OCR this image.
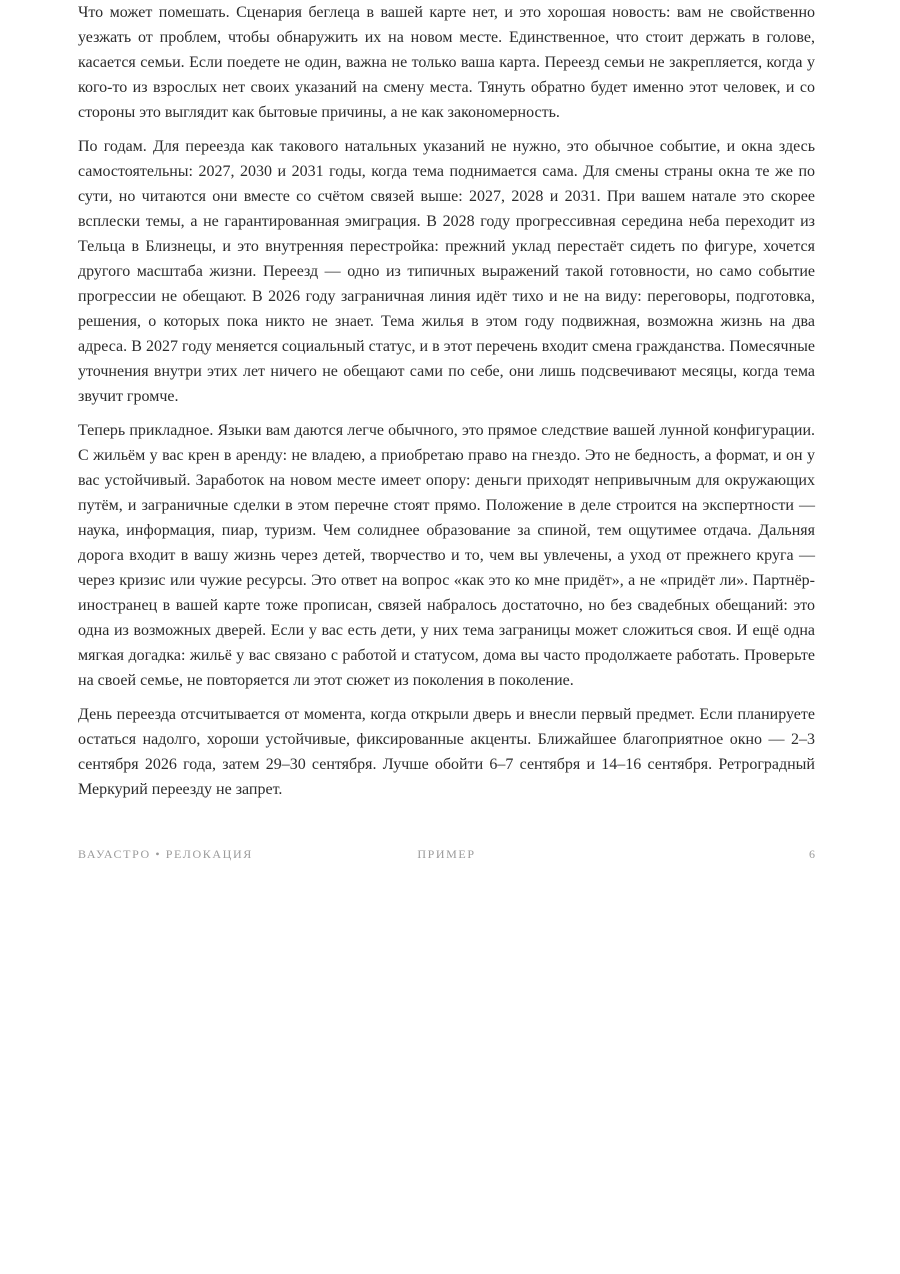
Что может помешать. Сценария беглеца в вашей карте нет, и это хорошая новость: вам не свойственно уезжать от проблем, чтобы обнаружить их на новом месте. Единственное, что стоит держать в голове, касается семьи. Если поедете не один, важна не только ваша карта. Переезд семьи не закрепляется, когда у кого-то из взрослых нет своих указаний на смену места. Тянуть обратно будет именно этот человек, и со стороны это выглядит как бытовые причины, а не как закономерность.

По годам. Для переезда как такового натальных указаний не нужно, это обычное событие, и окна здесь самостоятельны: 2027, 2030 и 2031 годы, когда тема поднимается сама. Для смены страны окна те же по сути, но читаются они вместе со счётом связей выше: 2027, 2028 и 2031. При вашем натале это скорее всплески темы, а не гарантированная эмиграция. В 2028 году прогрессивная середина неба переходит из Тельца в Близнецы, и это внутренняя перестройка: прежний уклад перестаёт сидеть по фигуре, хочется другого масштаба жизни. Переезд — одно из типичных выражений такой готовности, но само событие прогрессии не обещают. В 2026 году заграничная линия идёт тихо и не на виду: переговоры, подготовка, решения, о которых пока никто не знает. Тема жилья в этом году подвижная, возможна жизнь на два адреса. В 2027 году меняется социальный статус, и в этот перечень входит смена гражданства. Помесячные уточнения внутри этих лет ничего не обещают сами по себе, они лишь подсвечивают месяцы, когда тема звучит громче.

Теперь прикладное. Языки вам даются легче обычного, это прямое следствие вашей лунной конфигурации. С жильём у вас крен в аренду: не владею, а приобретаю право на гнездо. Это не бедность, а формат, и он у вас устойчивый. Заработок на новом месте имеет опору: деньги приходят непривычным для окружающих путём, и заграничные сделки в этом перечне стоят прямо. Положение в деле строится на экспертности — наука, информация, пиар, туризм. Чем солиднее образование за спиной, тем ощутимее отдача. Дальняя дорога входит в вашу жизнь через детей, творчество и то, чем вы увлечены, а уход от прежнего круга — через кризис или чужие ресурсы. Это ответ на вопрос «как это ко мне придёт», а не «придёт ли». Партнёр-иностранец в вашей карте тоже прописан, связей набралось достаточно, но без свадебных обещаний: это одна из возможных дверей. Если у вас есть дети, у них тема заграницы может сложиться своя. И ещё одна мягкая догадка: жильё у вас связано с работой и статусом, дома вы часто продолжаете работать. Проверьте на своей семье, не повторяется ли этот сюжет из поколения в поколение.

День переезда отсчитывается от момента, когда открыли дверь и внесли первый предмет. Если планируете остаться надолго, хороши устойчивые, фиксированные акценты. Ближайшее благоприятное окно — 2–3 сентября 2026 года, затем 29–30 сентября. Лучше обойти 6–7 сентября и 14–16 сентября. Ретроградный Меркурий переезду не запрет.

ВАУАСТРО • РЕЛОКАЦИЯ	ПРИМЕР	6
